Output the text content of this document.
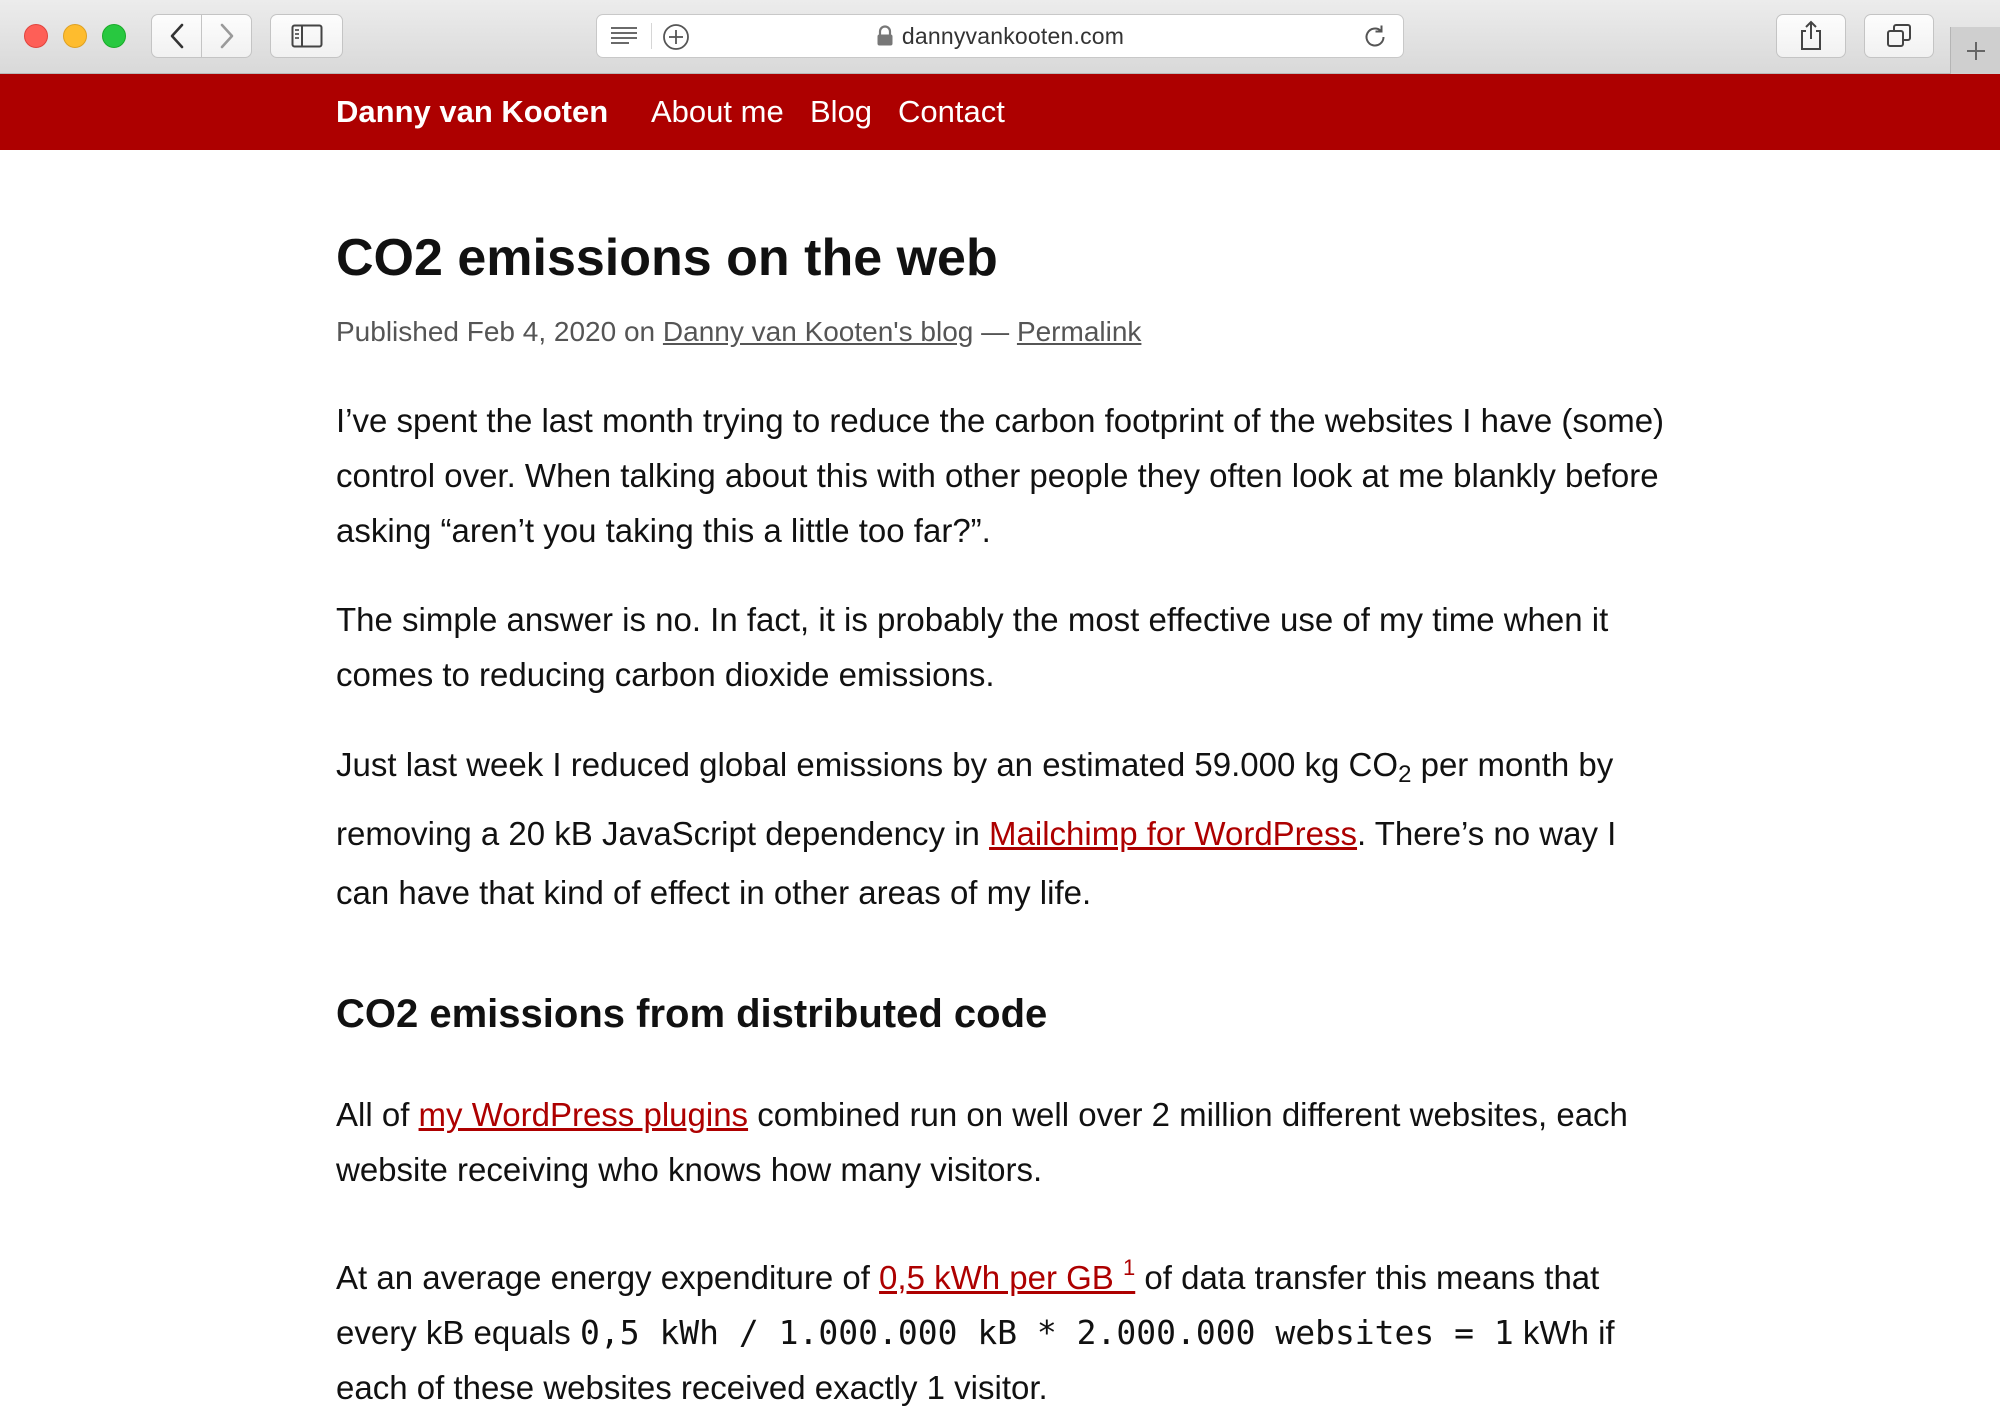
dannyvankooten.com
Danny van Kooten About me Blog Contact
CO2 emissions on the web
Published Feb 4, 2020 on Danny van Kooten's blog — Permalink

I’ve spent the last month trying to reduce the carbon footprint of the websites I have (some) control over. When talking about this with other people they often look at me blankly before asking “aren’t you taking this a little too far?”.

The simple answer is no. In fact, it is probably the most effective use of my time when it comes to reducing carbon dioxide emissions.

Just last week I reduced global emissions by an estimated 59.000 kg $CO_2$ per month by removing a 20 kB JavaScript dependency in Mailchimp for WordPress. There’s no way I can have that kind of effect in other areas of my life.

CO2 emissions from distributed code

All of my WordPress plugins combined run on well over 2 million different websites, each website receiving who knows how many visitors.

At an average energy expenditure of 0,5 kWh per GB $^1$ of data transfer this means that every kB equals 0,5 kWh / 1.000.000 kB * 2.000.000 websites = 1 kWh if each of these websites received exactly 1 visitor.
